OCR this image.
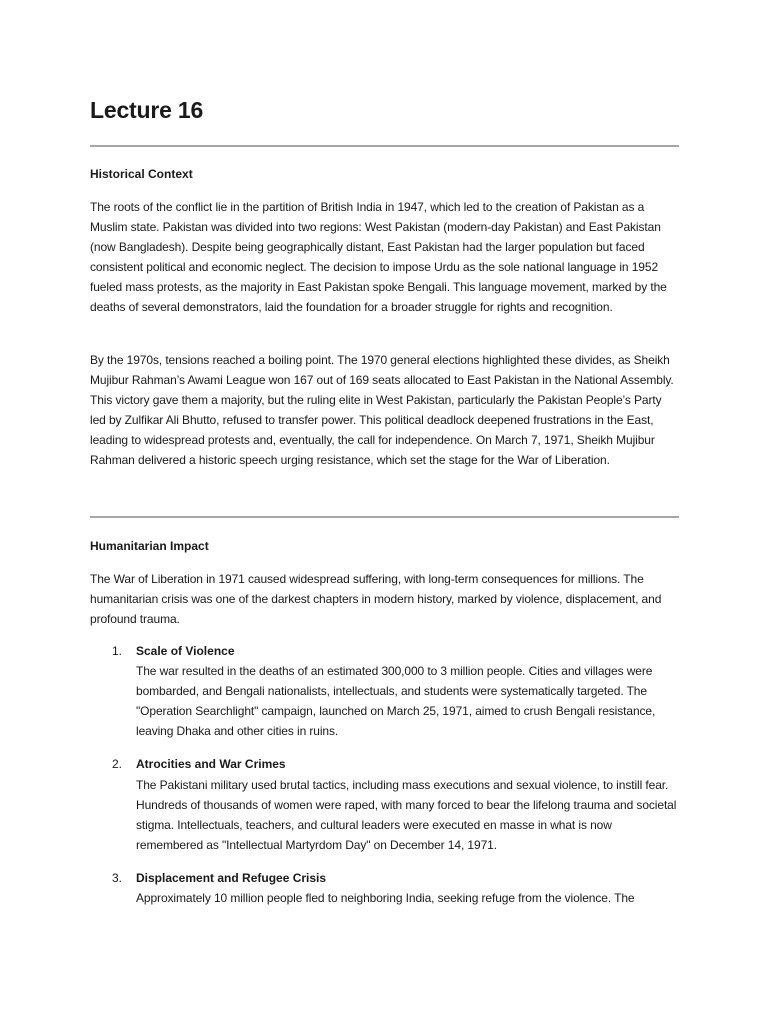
Lecture 16
Historical Context

The roots of the conflict lie in the partition of British India in 1947, which led to the creation of Pakistan as a Muslim state. Pakistan was divided into two regions: West Pakistan (modern-day Pakistan) and East Pakistan (now Bangladesh). Despite being geographically distant, East Pakistan had the larger population but faced consistent political and economic neglect. The decision to impose Urdu as the sole national language in 1952 fueled mass protests, as the majority in East Pakistan spoke Bengali. This language movement, marked by the deaths of several demonstrators, laid the foundation for a broader struggle for rights and recognition.

By the 1970s, tensions reached a boiling point. The 1970 general elections highlighted these divides, as Sheikh Mujibur Rahman’s Awami League won 167 out of 169 seats allocated to East Pakistan in the National Assembly. This victory gave them a majority, but the ruling elite in West Pakistan, particularly the Pakistan People’s Party led by Zulfikar Ali Bhutto, refused to transfer power. This political deadlock deepened frustrations in the East, leading to widespread protests and, eventually, the call for independence. On March 7, 1971, Sheikh Mujibur Rahman delivered a historic speech urging resistance, which set the stage for the War of Liberation.

Humanitarian Impact

The War of Liberation in 1971 caused widespread suffering, with long-term consequences for millions. The humanitarian crisis was one of the darkest chapters in modern history, marked by violence, displacement, and profound trauma.

1. Scale of Violence
The war resulted in the deaths of an estimated 300,000 to 3 million people. Cities and villages were bombarded, and Bengali nationalists, intellectuals, and students were systematically targeted. The "Operation Searchlight" campaign, launched on March 25, 1971, aimed to crush Bengali resistance, leaving Dhaka and other cities in ruins.
2. Atrocities and War Crimes
The Pakistani military used brutal tactics, including mass executions and sexual violence, to instill fear. Hundreds of thousands of women were raped, with many forced to bear the lifelong trauma and societal stigma. Intellectuals, teachers, and cultural leaders were executed en masse in what is now remembered as "Intellectual Martyrdom Day" on December 14, 1971.
3. Displacement and Refugee Crisis
Approximately 10 million people fled to neighboring India, seeking refuge from the violence. The
